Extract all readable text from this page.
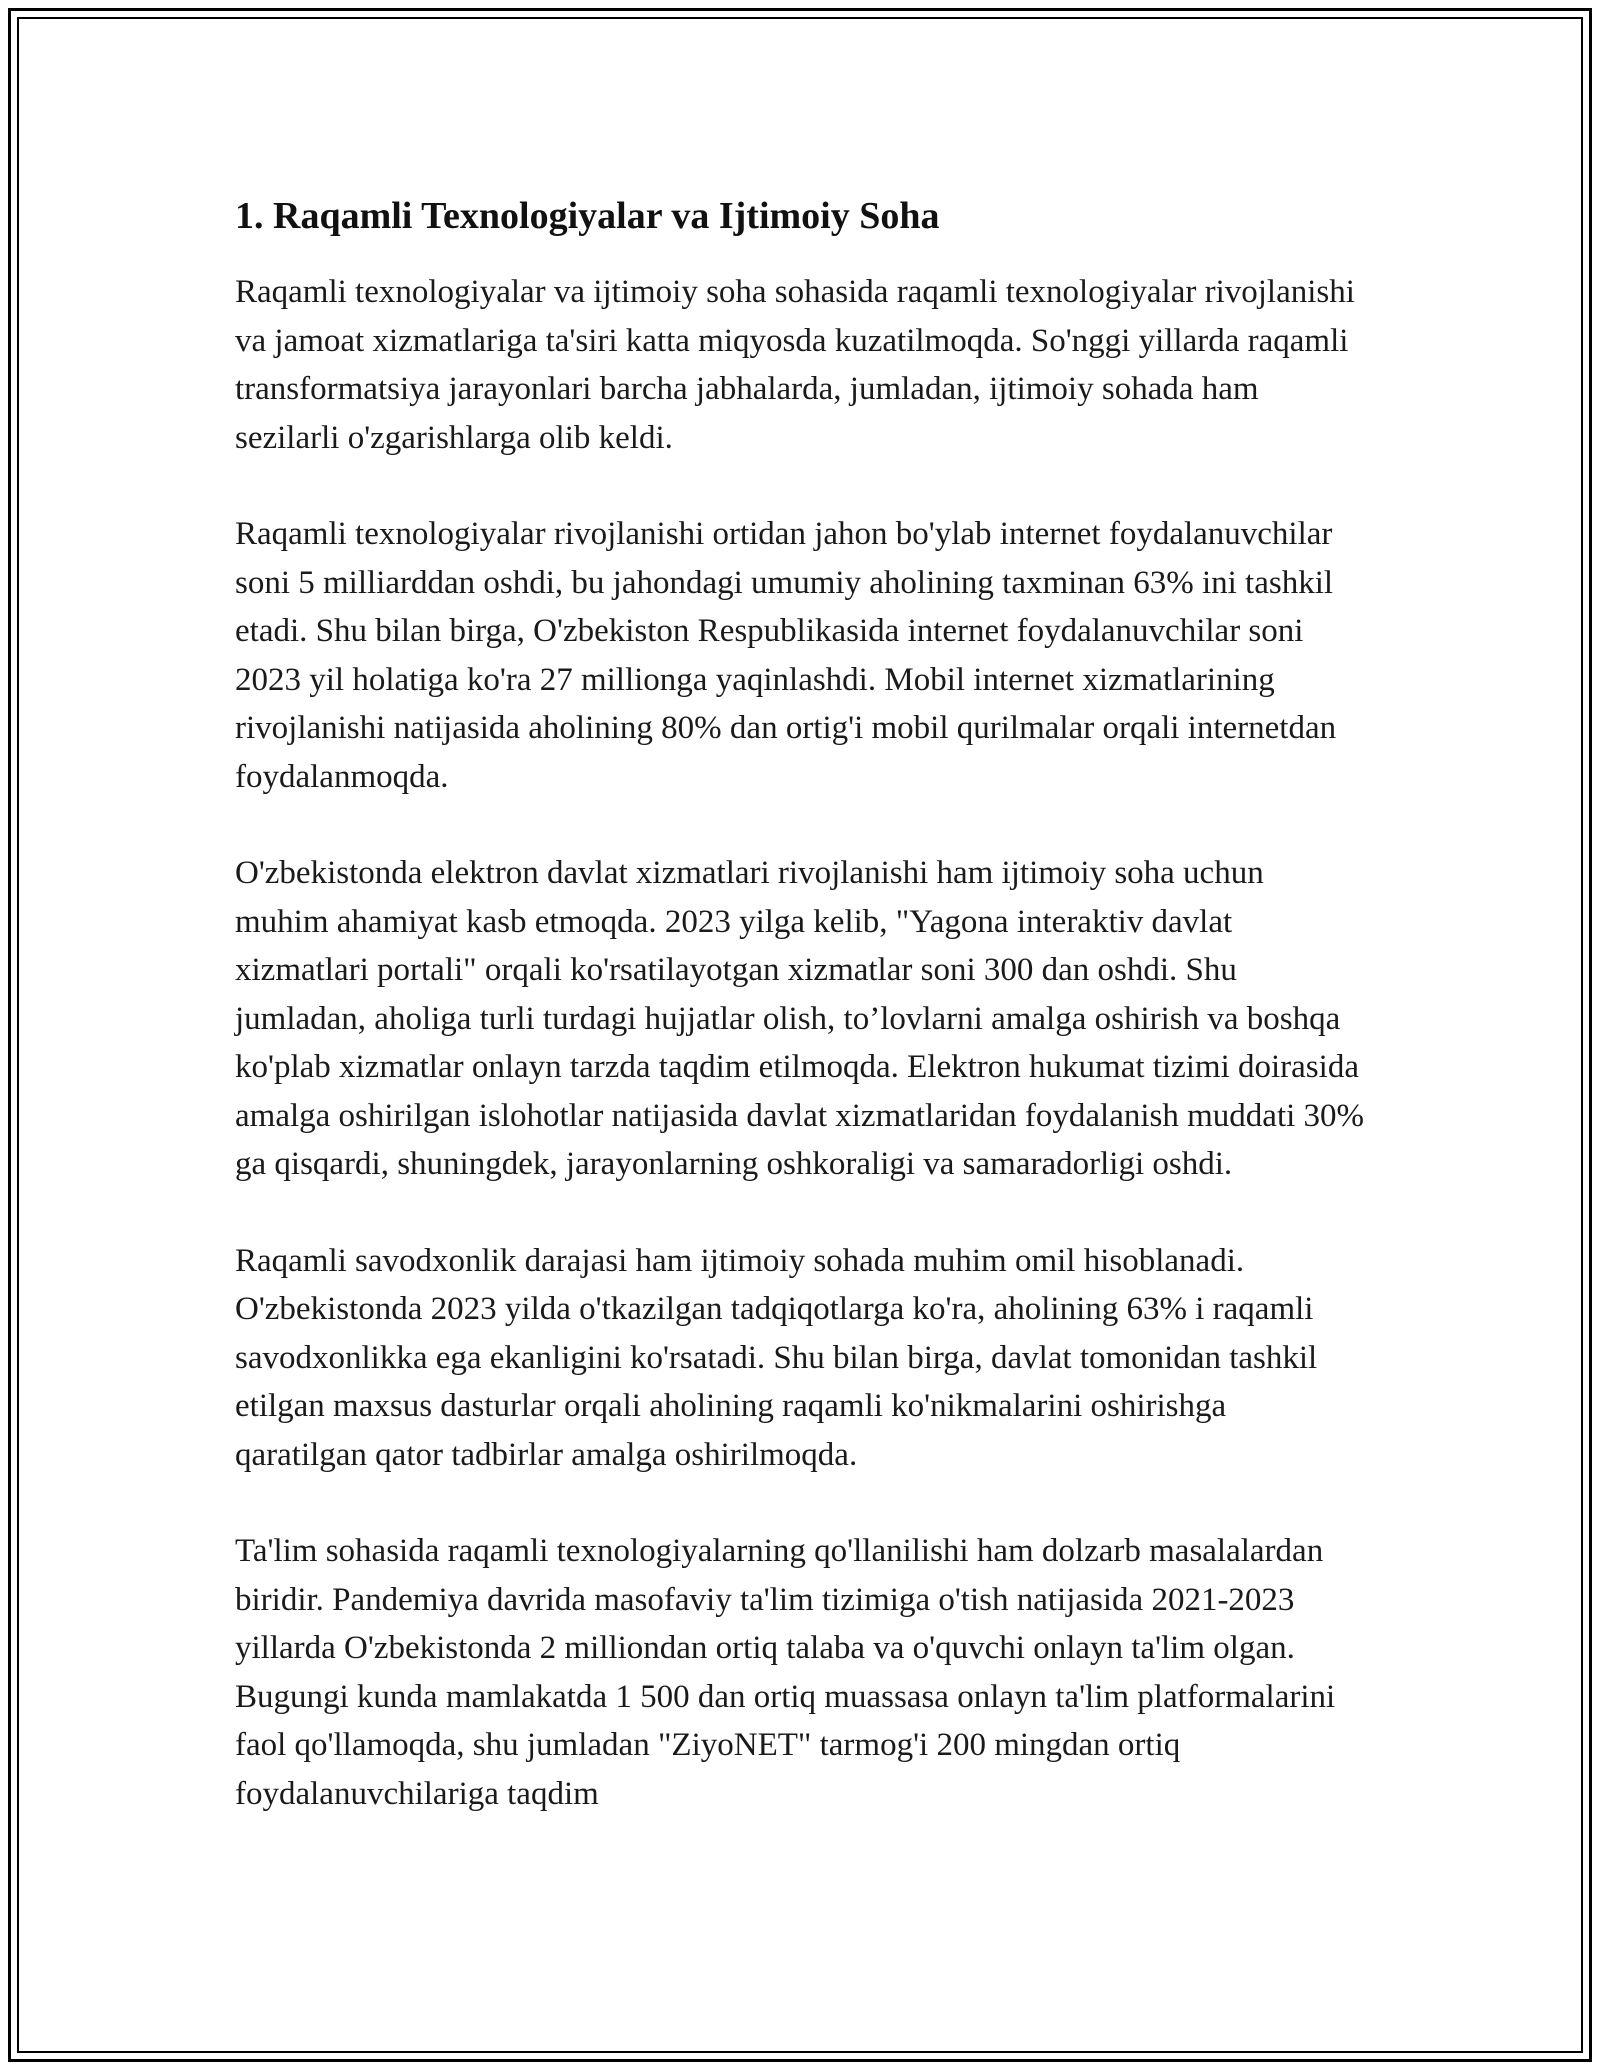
1. Raqamli Texnologiyalar va Ijtimoiy Soha

Raqamli texnologiyalar va ijtimoiy soha sohasida raqamli texnologiyalar rivojlanishi va jamoat xizmatlariga ta'siri katta miqyosda kuzatilmoqda. So'nggi yillarda raqamli transformatsiya jarayonlari barcha jabhalarda, jumladan, ijtimoiy sohada ham sezilarli o'zgarishlarga olib keldi.

Raqamli texnologiyalar rivojlanishi ortidan jahon bo'ylab internet foydalanuvchilar soni 5 milliarddan oshdi, bu jahondagi umumiy aholining taxminan 63% ini tashkil etadi. Shu bilan birga, O'zbekiston Respublikasida internet foydalanuvchilar soni 2023 yil holatiga ko'ra 27 millionga yaqinlashdi. Mobil internet xizmatlarining rivojlanishi natijasida aholining 80% dan ortig'i mobil qurilmalar orqali internetdan foydalanmoqda.

O'zbekistonda elektron davlat xizmatlari rivojlanishi ham ijtimoiy soha uchun muhim ahamiyat kasb etmoqda. 2023 yilga kelib, "Yagona interaktiv davlat xizmatlari portali" orqali ko'rsatilayotgan xizmatlar soni 300 dan oshdi. Shu jumladan, aholiga turli turdagi hujjatlar olish, to’lovlarni amalga oshirish va boshqa ko'plab xizmatlar onlayn tarzda taqdim etilmoqda. Elektron hukumat tizimi doirasida amalga oshirilgan islohotlar natijasida davlat xizmatlaridan foydalanish muddati 30% ga qisqardi, shuningdek, jarayonlarning oshkoraligi va samaradorligi oshdi.

Raqamli savodxonlik darajasi ham ijtimoiy sohada muhim omil hisoblanadi. O'zbekistonda 2023 yilda o'tkazilgan tadqiqotlarga ko'ra, aholining 63% i raqamli savodxonlikka ega ekanligini ko'rsatadi. Shu bilan birga, davlat tomonidan tashkil etilgan maxsus dasturlar orqali aholining raqamli ko'nikmalarini oshirishga qaratilgan qator tadbirlar amalga oshirilmoqda.

Ta'lim sohasida raqamli texnologiyalarning qo'llanilishi ham dolzarb masalalardan biridir. Pandemiya davrida masofaviy ta'lim tizimiga o'tish natijasida 2021-2023 yillarda O'zbekistonda 2 milliondan ortiq talaba va o'quvchi onlayn ta'lim olgan. Bugungi kunda mamlakatda 1 500 dan ortiq muassasa onlayn ta'lim platformalarini faol qo'llamoqda, shu jumladan "ZiyoNET" tarmog'i 200 mingdan ortiq foydalanuvchilariga taqdim
